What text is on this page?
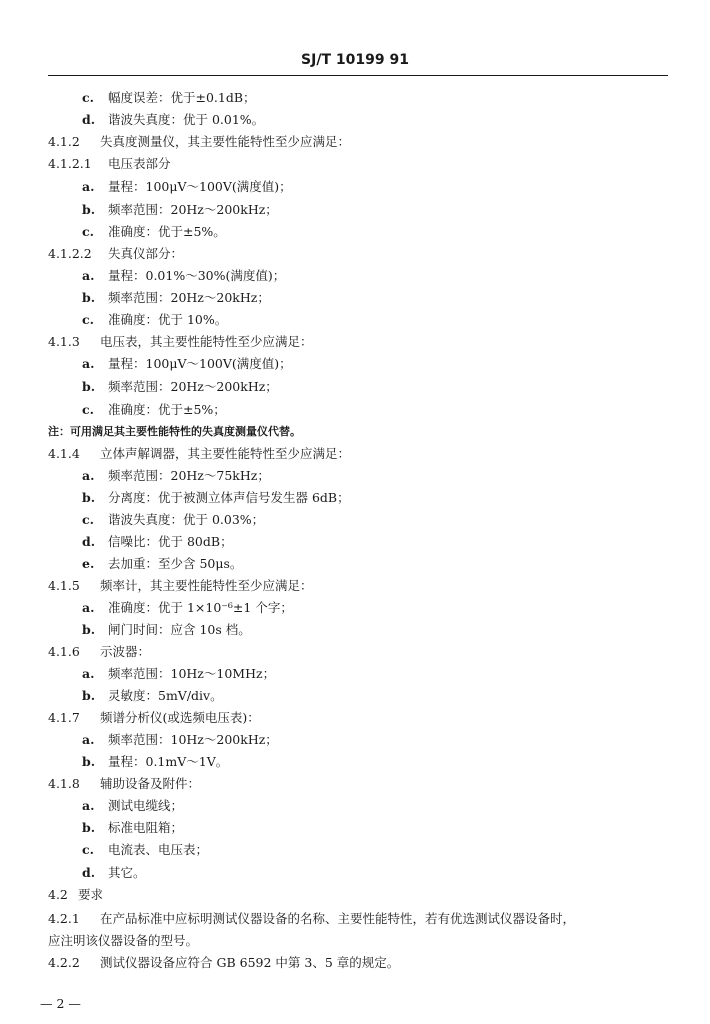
SJ/T 10199 91
c. 幅度误差：优于±0.1dB；
d. 谐波失真度：优于 0.01%。
4.1.2 失真度测量仪，其主要性能特性至少应满足：
4.1.2.1 电压表部分
a. 量程：100μV～100V(满度值)；
b. 频率范围：20Hz～200kHz；
c. 准确度：优于±5%。
4.1.2.2 失真仪部分：
a. 量程：0.01%～30%(满度值)；
b. 频率范围：20Hz～20kHz；
c. 准确度：优于 10%。
4.1.3 电压表，其主要性能特性至少应满足：
a. 量程：100μV～100V(满度值)；
b. 频率范围：20Hz～200kHz；
c. 准确度：优于±5%；
注：可用满足其主要性能特性的失真度测量仪代替。
4.1.4 立体声解调器，其主要性能特性至少应满足：
a. 频率范围：20Hz～75kHz；
b. 分离度：优于被测立体声信号发生器 6dB；
c. 谐波失真度：优于 0.03%；
d. 信噪比：优于 80dB；
e. 去加重：至少含 50μs。
4.1.5 频率计，其主要性能特性至少应满足：
a. 准确度：优于 1×10⁻⁶±1 个字；
b. 闸门时间：应含 10s 档。
4.1.6 示波器：
a. 频率范围：10Hz～10MHz；
b. 灵敏度：5mV/div。
4.1.7 频谱分析仪(或选频电压表)：
a. 频率范围：10Hz～200kHz；
b. 量程：0.1mV～1V。
4.1.8 辅助设备及附件：
a. 测试电缆线；
b. 标准电阻箱；
c. 电流表、电压表；
d. 其它。
4.2 要求
4.2.1 在产品标准中应标明测试仪器设备的名称、主要性能特性，若有优选测试仪器设备时，
应注明该仪器设备的型号。
4.2.2 测试仪器设备应符合 GB 6592 中第 3、5 章的规定。
— 2 —
